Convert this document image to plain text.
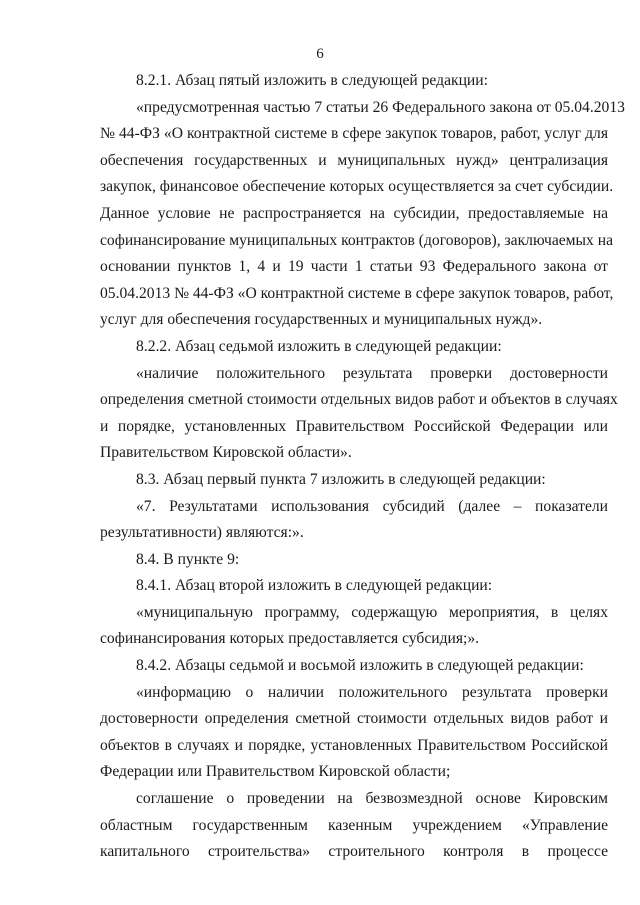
6
8.2.1. Абзац пятый изложить в следующей редакции:
«предусмотренная частью 7 статьи 26 Федерального закона от 05.04.2013
№ 44-ФЗ «О контрактной системе в сфере закупок товаров, работ, услуг для
обеспечения государственных и муниципальных нужд» централизация
закупок, финансовое обеспечение которых осуществляется за счет субсидии.
Данное условие не распространяется на субсидии, предоставляемые на
софинансирование муниципальных контрактов (договоров), заключаемых на
основании пунктов 1, 4 и 19 части 1 статьи 93 Федерального закона от
05.04.2013 № 44-ФЗ «О контрактной системе в сфере закупок товаров, работ,
услуг для обеспечения государственных и муниципальных нужд».
8.2.2. Абзац седьмой изложить в следующей редакции:
«наличие положительного результата проверки достоверности
определения сметной стоимости отдельных видов работ и объектов в случаях
и порядке, установленных Правительством Российской Федерации или
Правительством Кировской области».
8.3. Абзац первый пункта 7 изложить в следующей редакции:
«7. Результатами использования субсидий (далее – показатели
результативности) являются:».
8.4. В пункте 9:
8.4.1. Абзац второй изложить в следующей редакции:
«муниципальную программу, содержащую мероприятия, в целях
софинансирования которых предоставляется субсидия;».
8.4.2. Абзацы седьмой и восьмой изложить в следующей редакции:
«информацию о наличии положительного результата проверки
достоверности определения сметной стоимости отдельных видов работ и
объектов в случаях и порядке, установленных Правительством Российской
Федерации или Правительством Кировской области;
соглашение о проведении на безвозмездной основе Кировским
областным государственным казенным учреждением «Управление
капитального строительства» строительного контроля в процессе
